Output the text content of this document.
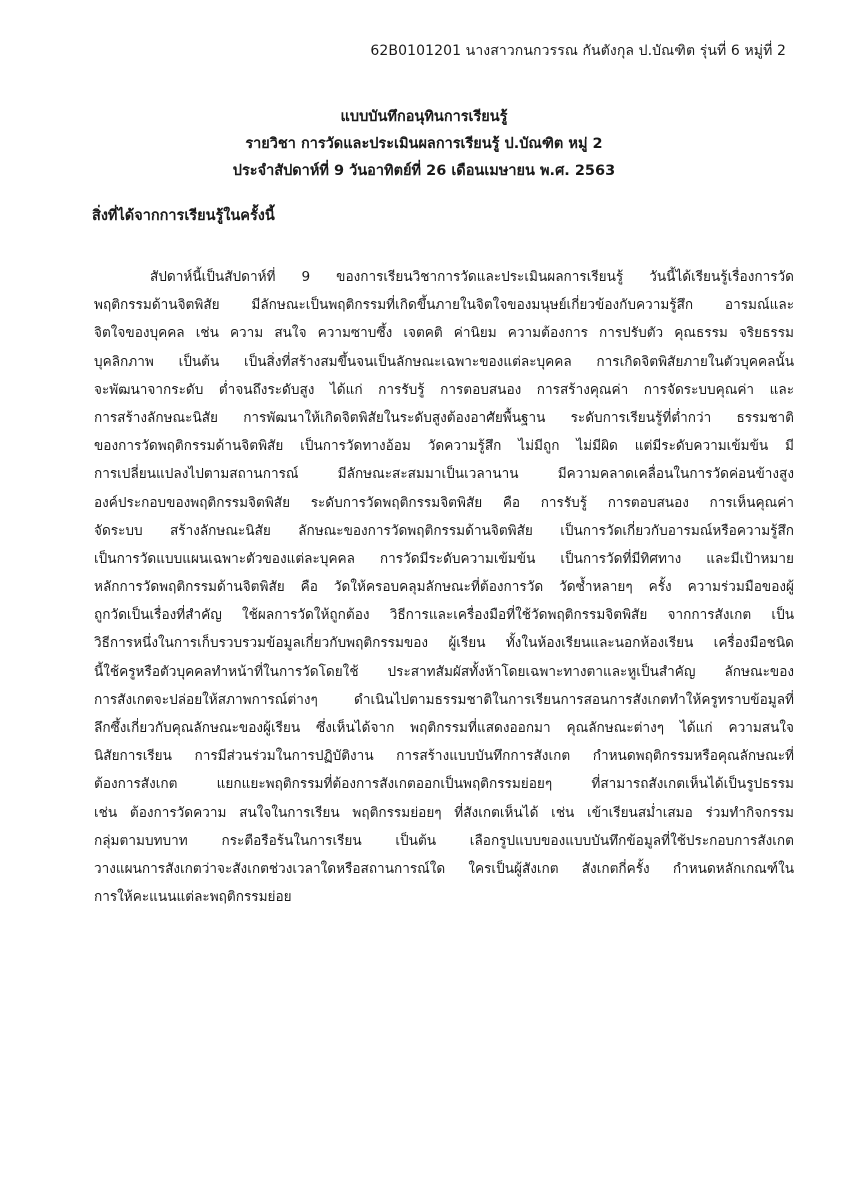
62B0101201 นางสาวกนกวรรณ กันตังกุล ป.บัณฑิต รุ่นที่ 6 หมู่ที่ 2
แบบบันทึกอนุทินการเรียนรู้
รายวิชา การวัดและประเมินผลการเรียนรู้ ป.บัณฑิต หมู่ 2
ประจำสัปดาห์ที่ 9 วันอาทิตย์ที่ 26 เดือนเมษายน พ.ศ. 2563
สิ่งที่ได้จากการเรียนรู้ในครั้งนี้
สัปดาห์นี้เป็นสัปดาห์ที่ 9 ของการเรียนวิชาการวัดและประเมินผลการเรียนรู้ วันนี้ได้เรียนรู้เรื่องการวัด
พฤติกรรมด้านจิตพิสัย มีลักษณะเป็นพฤติกรรมที่เกิดขึ้นภายในจิตใจของมนุษย์เกี่ยวข้องกับความรู้สึก อารมณ์และ
จิตใจของบุคคล เช่น ความ สนใจ ความซาบซึ้ง เจตคติ ค่านิยม ความต้องการ การปรับตัว คุณธรรม จริยธรรม
บุคลิกภาพ เป็นต้น เป็นสิ่งที่สร้างสมขึ้นจนเป็นลักษณะเฉพาะของแต่ละบุคคล การเกิดจิตพิสัยภายในตัวบุคคลนั้น
จะพัฒนาจากระดับ ต่ำจนถึงระดับสูง ได้แก่ การรับรู้ การตอบสนอง การสร้างคุณค่า การจัดระบบคุณค่า และ
การสร้างลักษณะนิสัย การพัฒนาให้เกิดจิตพิสัยในระดับสูงต้องอาศัยพื้นฐาน ระดับการเรียนรู้ที่ต่ำกว่า ธรรมชาติ
ของการวัดพฤติกรรมด้านจิตพิสัย เป็นการวัดทางอ้อม วัดความรู้สึก ไม่มีถูก ไม่มีผิด แต่มีระดับความเข้มข้น มี
การเปลี่ยนแปลงไปตามสถานการณ์ มีลักษณะสะสมมาเป็นเวลานาน มีความคลาดเคลื่อนในการวัดค่อนข้างสูง
องค์ประกอบของพฤติกรรมจิตพิสัย ระดับการวัดพฤติกรรมจิตพิสัย คือ การรับรู้ การตอบสนอง การเห็นคุณค่า
จัดระบบ สร้างลักษณะนิสัย ลักษณะของการวัดพฤติกรรมด้านจิตพิสัย เป็นการวัดเกี่ยวกับอารมณ์หรือความรู้สึก
เป็นการวัดแบบแผนเฉพาะตัวของแต่ละบุคคล การวัดมีระดับความเข้มข้น เป็นการวัดที่มีทิศทาง และมีเป้าหมาย
หลักการวัดพฤติกรรมด้านจิตพิสัย คือ วัดให้ครอบคลุมลักษณะที่ต้องการวัด วัดซ้ำหลายๆ ครั้ง ความร่วมมือของผู้
ถูกวัดเป็นเรื่องที่สำคัญ ใช้ผลการวัดให้ถูกต้อง วิธีการและเครื่องมือที่ใช้วัดพฤติกรรมจิตพิสัย จากการสังเกต เป็น
วิธีการหนึ่งในการเก็บรวบรวมข้อมูลเกี่ยวกับพฤติกรรมของ ผู้เรียน ทั้งในห้องเรียนและนอกห้องเรียน เครื่องมือชนิด
นี้ใช้ครูหรือตัวบุคคลทำหน้าที่ในการวัดโดยใช้ ประสาทสัมผัสทั้งห้าโดยเฉพาะทางตาและหูเป็นสำคัญ ลักษณะของ
การสังเกตจะปล่อยให้สภาพการณ์ต่างๆ ดำเนินไปตามธรรมชาติในการเรียนการสอนการสังเกตทำให้ครูทราบข้อมูลที่
ลึกซึ้งเกี่ยวกับคุณลักษณะของผู้เรียน ซึ่งเห็นได้จาก พฤติกรรมที่แสดงออกมา คุณลักษณะต่างๆ ได้แก่ ความสนใจ
นิสัยการเรียน การมีส่วนร่วมในการปฏิบัติงาน การสร้างแบบบันทึกการสังเกต กำหนดพฤติกรรมหรือคุณลักษณะที่
ต้องการสังเกต แยกแยะพฤติกรรมที่ต้องการสังเกตออกเป็นพฤติกรรมย่อยๆ ที่สามารถสังเกตเห็นได้เป็นรูปธรรม
เช่น ต้องการวัดความ สนใจในการเรียน พฤติกรรมย่อยๆ ที่สังเกตเห็นได้ เช่น เข้าเรียนสม่ำเสมอ ร่วมทำกิจกรรม
กลุ่มตามบทบาท กระตือรือร้นในการเรียน เป็นต้น เลือกรูปแบบของแบบบันทึกข้อมูลที่ใช้ประกอบการสังเกต
วางแผนการสังเกตว่าจะสังเกตช่วงเวลาใดหรือสถานการณ์ใด ใครเป็นผู้สังเกต สังเกตกี่ครั้ง กำหนดหลักเกณฑ์ใน
การให้คะแนนแต่ละพฤติกรรมย่อย
